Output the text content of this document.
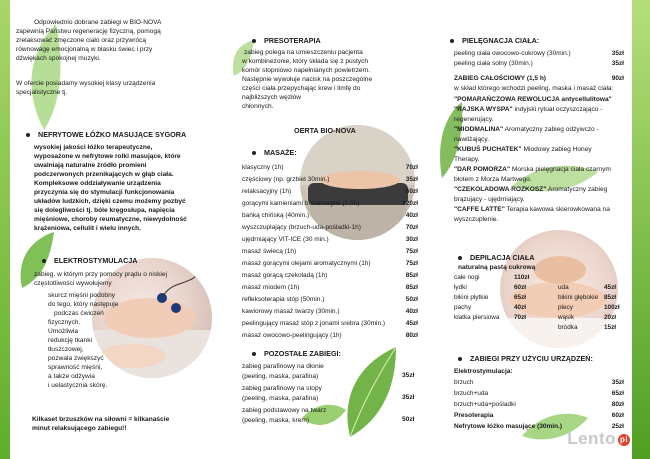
Odpowiednio dobrane zabiegi w BIO-NOVA
zapewnią Państwu regenerację fizyczną, pomogą
zrelaksować zmęczone ciało oraz przywrócą
równowagę emocjonalną w blasku świec i przy
dźwiękach spokojnej muzyki.
W ofercie posiadamy wysokiej klasy urządzenia
specjalistyczne tj.
NEFRYTOWE ŁÓŻKO MASUJĄCE SYGORA
wysokiej jakości łóżko terapeutyczne,
wyposażone w nefrytowe rolki masujące, które
uwalniają naturalne źródło promieni
podczerwonych przenikających w głąb ciała.
Kompleksowe oddziaływanie urządzenia
przyczynia się do stymulacji funkcjonowania
układów ludzkich, dzięki czemu możemy pozbyć
się dolegliwości tj. bóle kręgosłupa, napięcia
mięśniowe, choroby reumatyczne, niewydolność
krążeniowa, cellulit i wielu innych.
ELEKTROSTYMULACJA
zabieg, w którym przy pomocy prądu o niskiej
częstotliwości wywołujemy
skurcz mięśni podobny
do tego, który następuje
podczas ćwiczeń
fizycznych.
Umożliwia
redukcję tkanki
tłuszczowej,
pozwala zwiększyć
sprawność mięśni,
a także odżywia
i uelastycznia skórę.
Kilkaset brzuszków na siłowni = kilkanaście
minut relaksującego zabiegu!!
PRESOTERAPIA
zabieg polega na umieszczeniu pacjenta
w kombinezonie, który składa się z pustych
komór stopniowo napełnianych powietrzem.
Następnie wywołuje nacisk na poszczególne
części ciała przepychając krew i limfę do
najbliższych węzłów
chłonnych.
OERTA BIO-NOVA
MASAŻE:
klasyczny (1h)	70zł
częściowy (np. grzbiet 30min.)	35zł
relaksacyjny (1h)	60zł
gorącymi kamieniami bazaltowymi (1,5h)	120zł
bańką chińską (40min.)	40zł
wyszczuplający (brzuch-uda-pośladki-1h)	70zł
ujędrniający VIT-ICE (30 min.)	30zł
masaż świecą (1h)	75zł
masaż gorącymi olejami aromatycznymi (1h)	75zł
masaż gorącą czekoladą (1h)	85zł
masaż miodem (1h)	85zł
refleksoterapia stóp (50min.)	50zł
kawiorowy masaż twarzy (30min.)	40zł
peelingujący masaż stóp z jonami srebra (30min.)	45zł
masaż owocowo-peelingujący (1h)	80zł
POZOSTAŁE ZABIEGI:
zabieg parafinowy na dłonie
(peeling, maska, parafina)	35zł
zabieg parafinowy na stopy
(peeling, maska, parafina)	35zł
zabieg podstawowy na twarz
(peeling, maska, krem)	50zł
PIELĘGNACJA CIAŁA:
peeling ciała owocowo-cukrowy (30min.)	35zł
peeling ciała solny (30min.)	35zł
ZABIEG CAŁOŚCIOWY (1,5 h)	90zł
w skład którego wchodzi peeling, maska i masaż ciała:
"POMARAŃCZOWA REWOLUCJA antycellulitowa"
"RAJSKA WYSPA" indyjski rytuał oczyszczająco -
regenerujący.
"MIODMALINA" Aromatyczny zabieg odżywczo -
nawilżający.
"KUBUŚ PUCHATEK" Miodowy zabieg Honey
Therapy.
"DAR POMORZA" Morska pielęgnacja ciała czarnym
błotem z Morza Martwego.
"CZEKOLADOWA ROZKOSZ" Aromatyczny zabieg
brązujący - ujędrniający.
"CAFFE LATTE" Terapia kawowa skierowkowana na
wyszczuplenie.
DEPILACJA CIAŁA
naturalną pastą cukrową
całe nogi	110zł
łydki	60zł	uda	45zł
bikini płytkie	65zł	bikini głębokie 85zł
pachy	40zł	plecy	100zł
klatka piersiowa 70zł	wąsik	20zł
bródka	15zł
ZABIEGI PRZY UŻYCIU URZĄDZEŃ:
Elektrostymulacja:
brzuch	35zł
brzuch+uda	65zł
brzuch+uda+pośladki	80zł
Presoterapia	60zł
Nefrytowe łóżko masujące (30min.)	25zł
Lento pl
